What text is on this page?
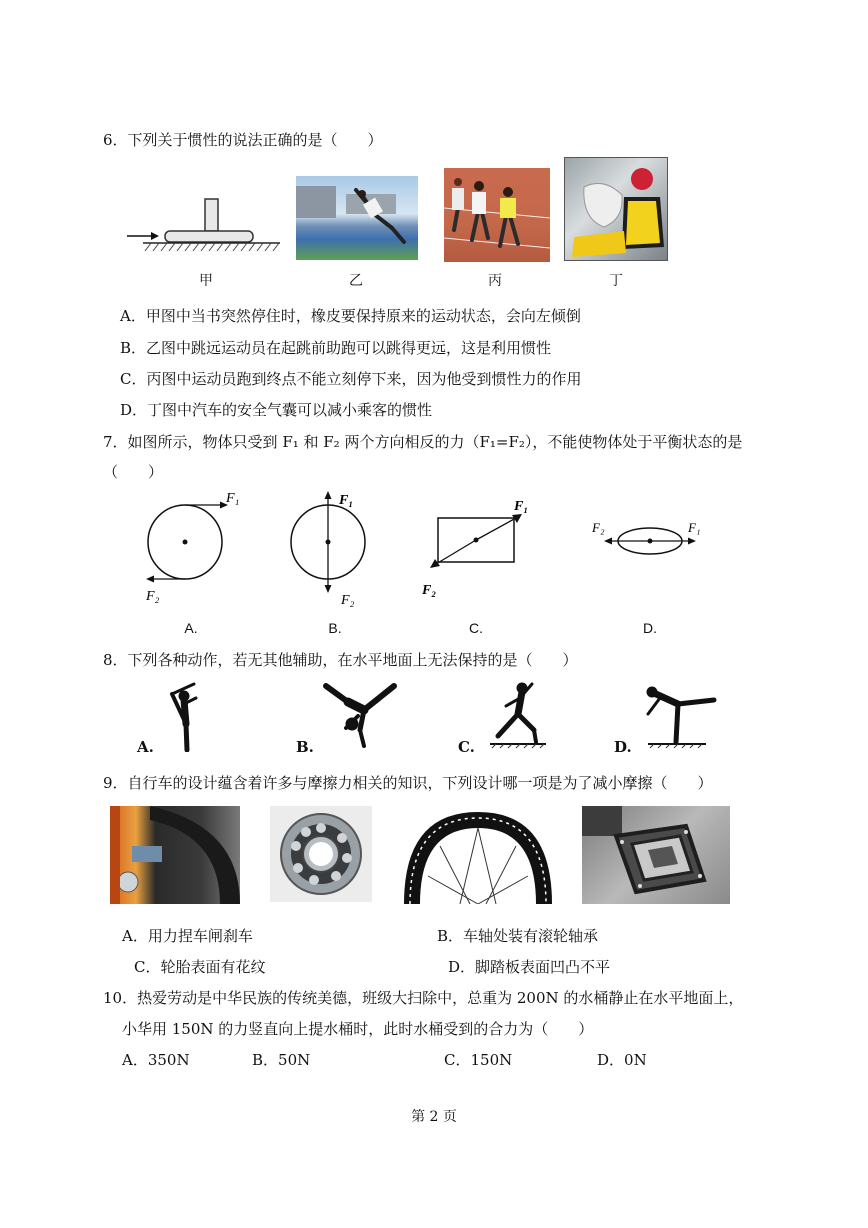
6．下列关于惯性的说法正确的是（　　）
甲	乙	丙	丁
A．甲图中当书突然停住时，橡皮要保持原来的运动状态，会向左倾倒
B．乙图中跳远运动员在起跳前助跑可以跳得更远，这是利用惯性
C．丙图中运动员跑到终点不能立刻停下来，因为他受到惯性力的作用
D．丁图中汽车的安全气囊可以减小乘客的惯性
7．如图所示，物体只受到 F₁ 和 F₂ 两个方向相反的力（F₁=F₂），不能使物体处于平衡状态的是
（　　）
F₁
F₂
F₁
F₂
F₁
F₂
F₁
F₂
A.	B.	C.	D.
8．下列各种动作，若无其他辅助，在水平地面上无法保持的是（　　）
A.	B.	C.	D.
9．自行车的设计蕴含着许多与摩擦力相关的知识，下列设计哪一项是为了减小摩擦（　　）
A．用力捏车闸刹车	B．车轴处装有滚轮轴承
C．轮胎表面有花纹	D．脚踏板表面凹凸不平
10．热爱劳动是中华民族的传统美德，班级大扫除中，总重为 200N 的水桶静止在水平地面上，
小华用 150N 的力竖直向上提水桶时，此时水桶受到的合力为（　　）
A．350N	B．50N	C．150N	D．0N
第 2 页
